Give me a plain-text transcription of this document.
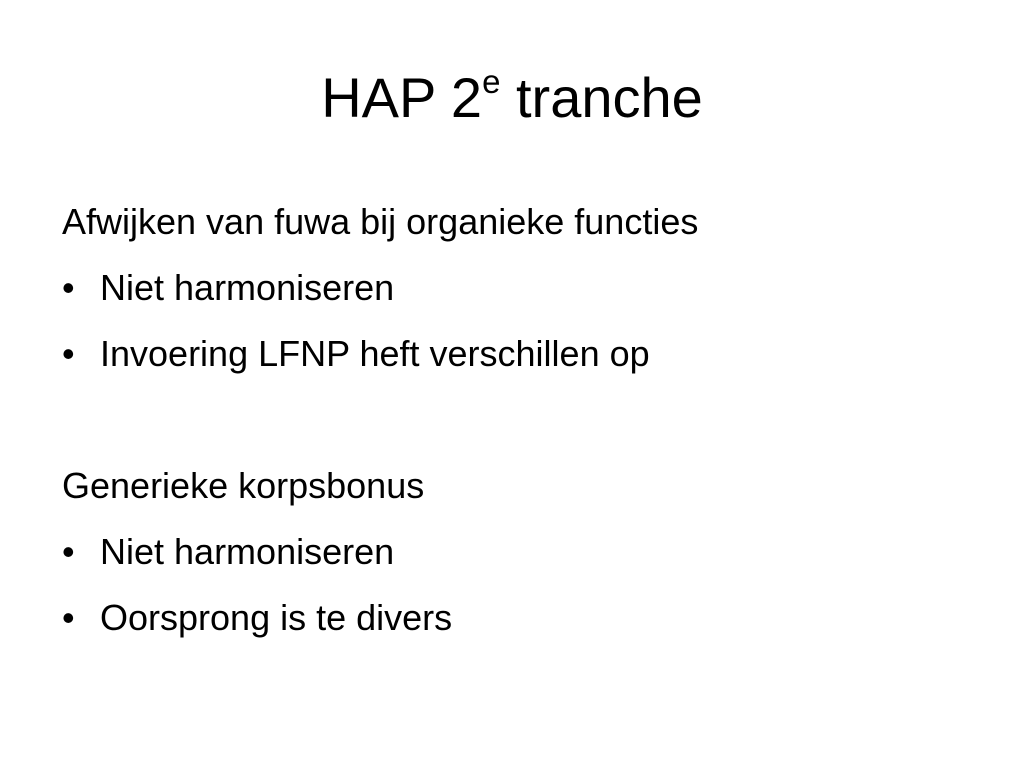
HAP 2e tranche
Afwijken van fuwa bij organieke functies
• Niet harmoniseren
• Invoering LFNP heft verschillen op
Generieke korpsbonus
• Niet harmoniseren
• Oorsprong is te divers
